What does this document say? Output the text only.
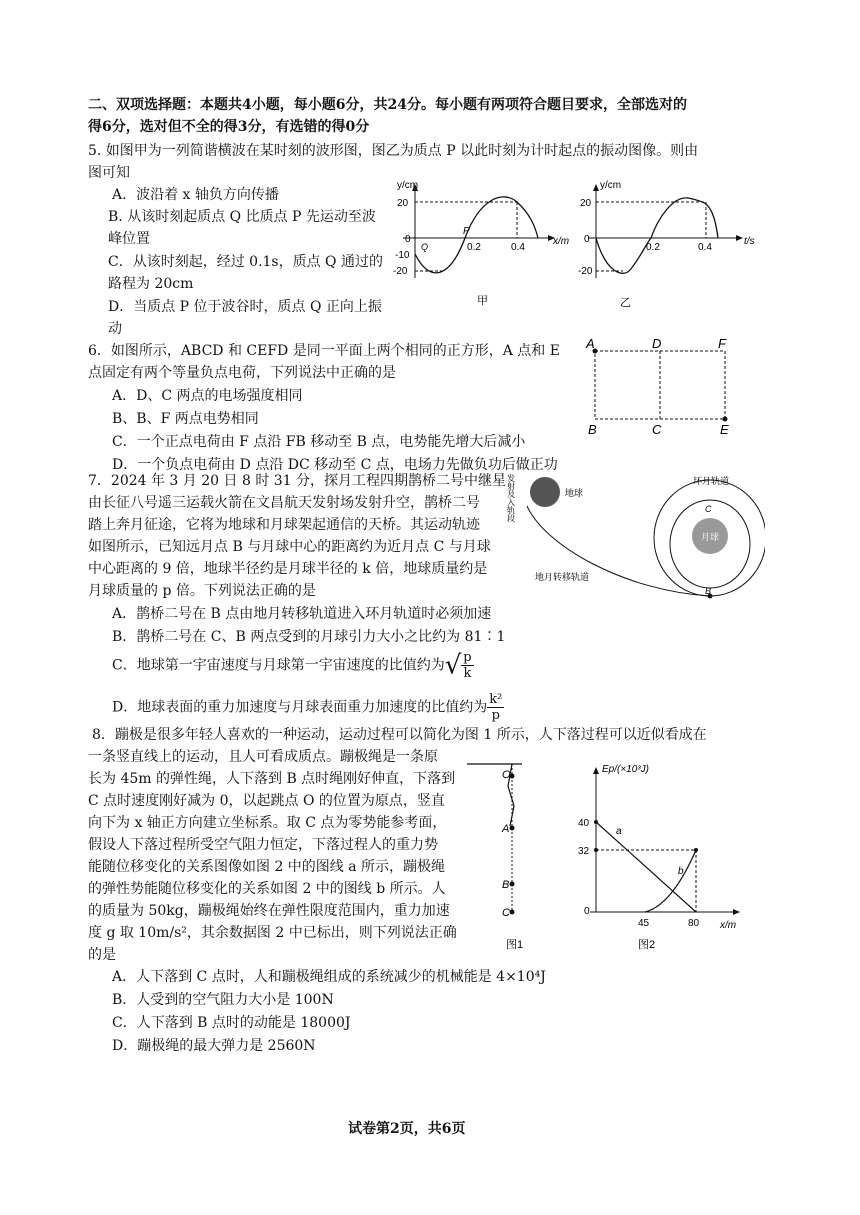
二、双项选择题：本题共4小题，每小题6分，共24分。每小题有两项符合题目要求，全部选对的
得6分，选对但不全的得3分，有选错的得0分
5. 如图甲为一列简谐横波在某时刻的波形图，图乙为质点 P 以此时刻为计时起点的振动图像。则由
图可知
A．波沿着 x 轴负方向传播
B. 从该时刻起质点 Q 比质点 P 先运动至波
峰位置
C．从该时刻起，经过 0.1s，质点 Q 通过的
路程为 20cm
D．当质点 P 位于波谷时，质点 Q 正向上振
动
y/cm
x/m
20
0
-10
-20
0.2	0.4
P
Q
甲
y/cm
t/s
20
0
-20
0.2	0.4
乙
6．如图所示，ABCD 和 CEFD 是同一平面上两个相同的正方形，A 点和 E
点固定有两个等量负点电荷，下列说法中正确的是
A．D、C 两点的电场强度相同
B、B、F 两点电势相同
C．一个正点电荷由 F 点沿 FB 移动至 B 点，电势能先增大后减小
D．一个负点电荷由 D 点沿 DC 移动至 C 点，电场力先做负功后做正功
A	D	F
B	C	E
7．2024 年 3 月 20 日 8 时 31 分，探月工程四期鹊桥二号中继星
由长征八号遥三运载火箭在文昌航天发射场发射升空，鹊桥二号
踏上奔月征途，它将为地球和月球架起通信的天桥。其运动轨迹
如图所示，已知远月点 B 与月球中心的距离约为近月点 C 与月球
中心距离的 9 倍，地球半径约是月球半径的 k 倍，地球质量约是
月球质量的 p 倍。下列说法正确的是
A．鹊桥二号在 B 点由地月转移轨道进入环月轨道时必须加速
B．鹊桥二号在 C、B 两点受到的月球引力大小之比约为 81∶1
C．地球第一宇宙速度与月球第一宇宙速度的比值约为√ $\frac{p}{k}$
D．地球表面的重力加速度与月球表面重力加速度的比值约为 $\frac{\text{k²}}{p}$
地球
发射及入轨段
月球
环月轨道
C
B
地月转移轨道
8．蹦极是很多年轻人喜欢的一种运动，运动过程可以简化为图 1 所示，人下落过程可以近似看成在
一条竖直线上的运动，且人可看成质点。蹦极绳是一条原
长为 45m 的弹性绳，人下落到 B 点时绳刚好伸直，下落到
C 点时速度刚好减为 0，以起跳点 O 的位置为原点，竖直
向下为 x 轴正方向建立坐标系。取 C 点为零势能参考面，
假设人下落过程所受空气阻力恒定，下落过程人的重力势
能随位移变化的关系图像如图 2 中的图线 a 所示，蹦极绳
的弹性势能随位移变化的关系如图 2 中的图线 b 所示。人
的质量为 50kg，蹦极绳始终在弹性限度范围内，重力加速
度 g 取 10m/s²，其余数据图 2 中已标出，则下列说法正确
的是
A．人下落到 C 点时，人和蹦极绳组成的系统减少的机械能是 4×10⁴J
B．人受到的空气阻力大小是 100N
C．人下落到 B 点时的动能是 18000J
D．蹦极绳的最大弹力是 2560N
O
A
B
C
图1
Ep/(×10³J)
x/m
40
32
0
45	80
a
b
图2
试卷第2页，共6页
